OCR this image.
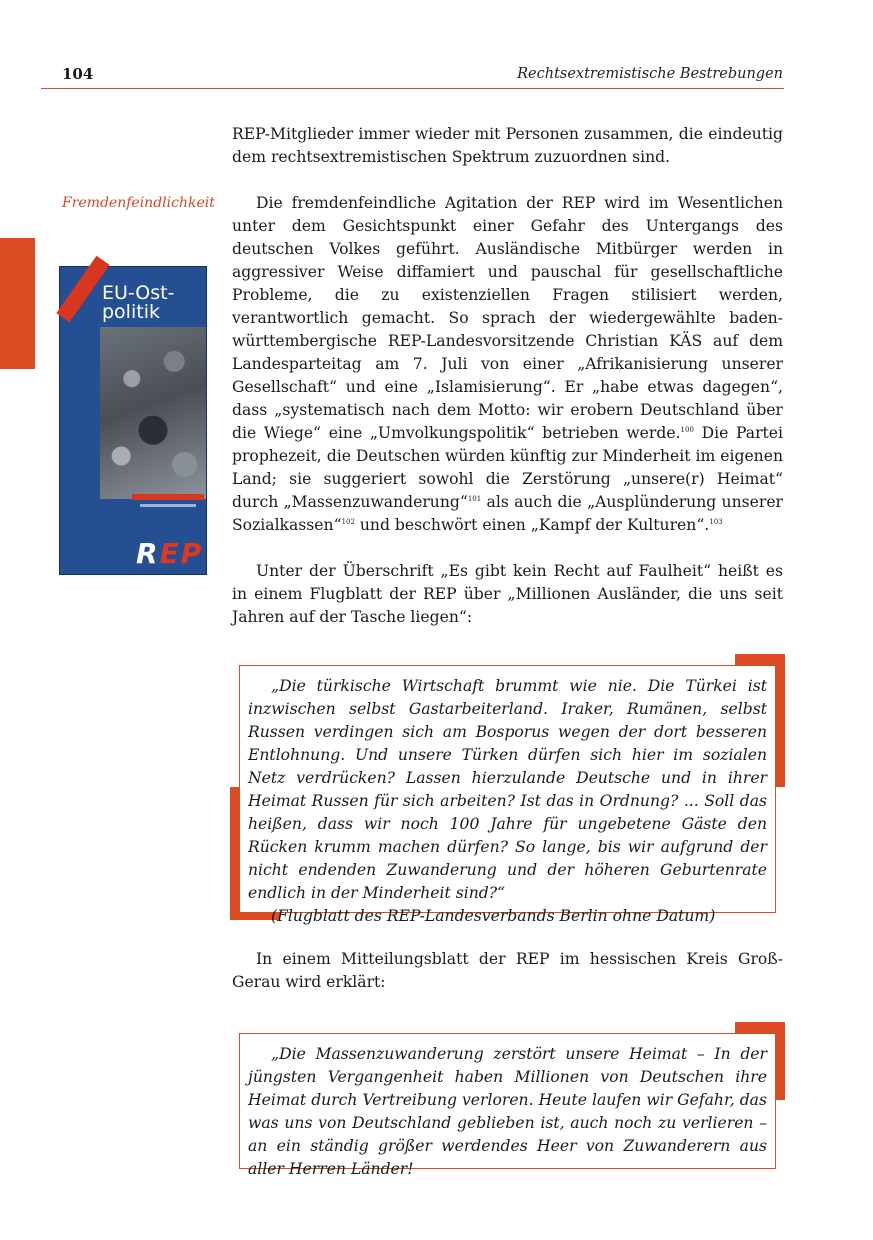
104	Rechtsextremistische Bestrebungen
Fremdenfeindlichkeit
EU-Ost-
politik
REPUBLIKANER
REP

REP-Mitglieder immer wieder mit Personen zusammen, die eindeutig dem rechtsextremistischen Spektrum zuzuordnen sind.

Die fremdenfeindliche Agitation der REP wird im Wesentlichen unter dem Gesichtspunkt einer Gefahr des Untergangs des deutschen Volkes geführt. Ausländische Mitbürger werden in aggressiver Weise diffamiert und pauschal für gesellschaftliche Probleme, die zu existenziellen Fragen stilisiert werden, verantwortlich gemacht. So sprach der wiedergewählte baden-württembergische REP-Landesvorsitzende Christian KÄS auf dem Landesparteitag am 7. Juli von einer „Afrikanisierung unserer Gesellschaft“ und eine „Islamisierung“. Er „habe etwas dagegen“, dass „systematisch nach dem Motto: wir erobern Deutschland über die Wiege“ eine „Umvolkungspolitik“ betrieben werde.$^{100}$ Die Partei prophezeit, die Deutschen würden künftig zur Minderheit im eigenen Land; sie suggeriert sowohl die Zerstörung „unsere(r) Heimat“ durch „Massenzuwanderung“$^{101}$ als auch die „Ausplünderung unserer Sozialkassen“$^{102}$ und beschwört einen „Kampf der Kulturen“.$^{103}$

Unter der Überschrift „Es gibt kein Recht auf Faulheit“ heißt es in einem Flugblatt der REP über „Millionen Ausländer, die uns seit Jahren auf der Tasche liegen“:

„Die türkische Wirtschaft brummt wie nie. Die Türkei ist inzwischen selbst Gastarbeiterland. Iraker, Rumänen, selbst Russen verdingen sich am Bosporus wegen der dort besseren Entlohnung. Und unsere Türken dürfen sich hier im sozialen Netz verdrücken? Lassen hierzulande Deutsche und in ihrer Heimat Russen für sich arbeiten? Ist das in Ordnung? ... Soll das heißen, dass wir noch 100 Jahre für ungebetene Gäste den Rücken krumm machen dürfen? So lange, bis wir aufgrund der nicht endenden Zuwanderung und der höheren Geburtenrate endlich in der Minderheit sind?“

(Flugblatt des REP-Landesverbands Berlin ohne Datum)

In einem Mitteilungsblatt der REP im hessischen Kreis Groß-Gerau wird erklärt:

„Die Massenzuwanderung zerstört unsere Heimat – In der jüngsten Vergangenheit haben Millionen von Deutschen ihre Heimat durch Vertreibung verloren. Heute laufen wir Gefahr, das was uns von Deutschland geblieben ist, auch noch zu verlieren – an ein ständig größer werdendes Heer von Zuwanderern aus aller Herren Länder!
